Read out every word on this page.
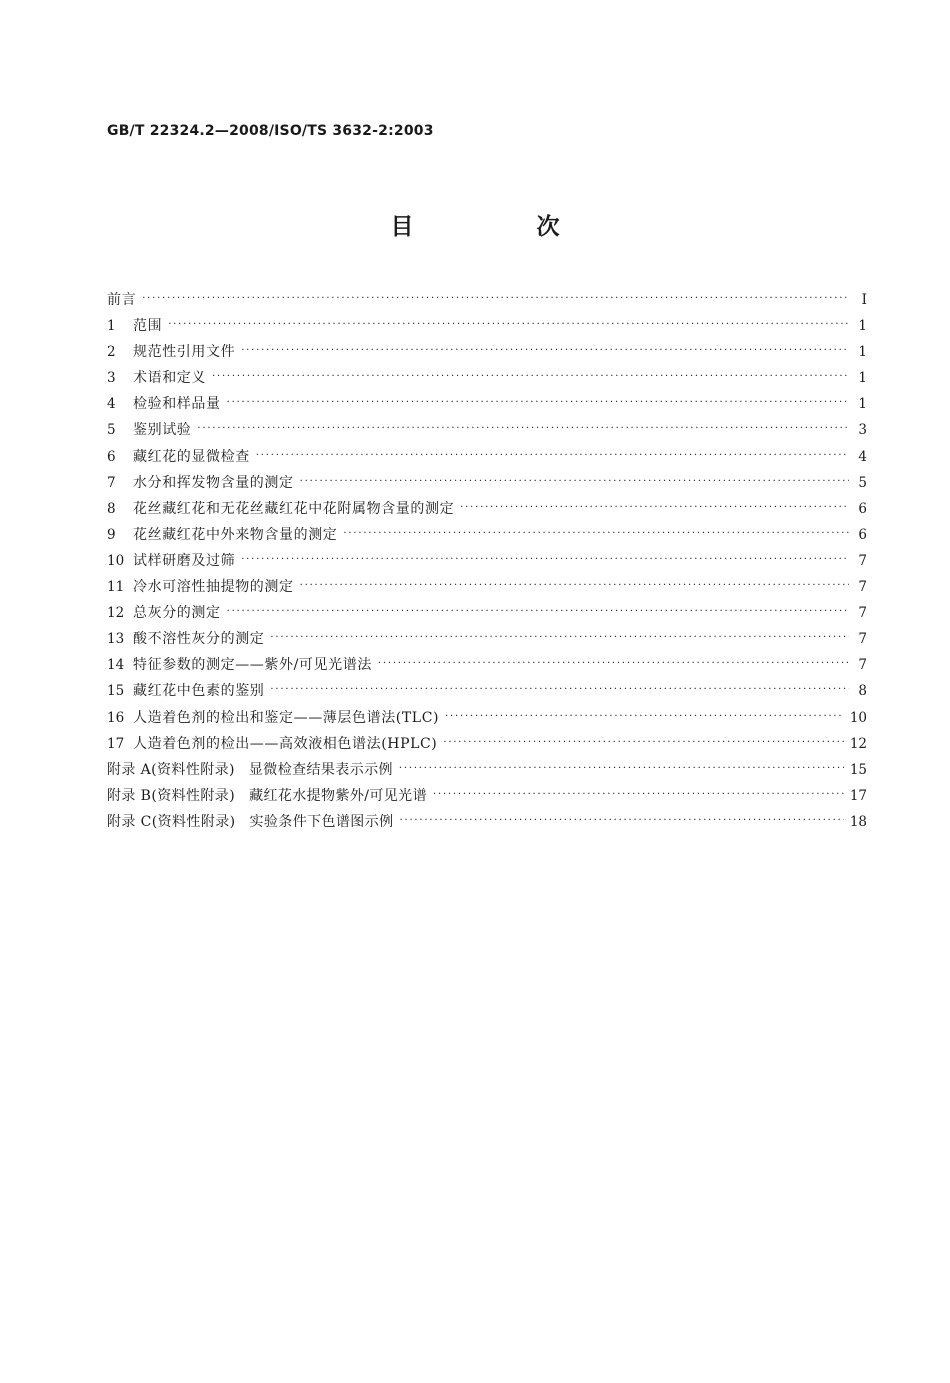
GB/T 22324.2—2008/ISO/TS 3632-2:2003
目　次
前言 ·····	Ⅰ
1	范围 ·····	1
2	规范性引用文件 ·····	1
3	术语和定义 ·····	1
4	检验和样品量 ·····	1
5	鉴别试验 ·····	3
6	藏红花的显微检查 ·····	4
7	水分和挥发物含量的测定 ·····	5
8	花丝藏红花和无花丝藏红花中花附属物含量的测定 ·····	6
9	花丝藏红花中外来物含量的测定 ·····	6
10 试样研磨及过筛 ·····	7
11 冷水可溶性抽提物的测定 ·····	7
12 总灰分的测定 ·····	7
13 酸不溶性灰分的测定 ·····	7
14 特征参数的测定——紫外/可见光谱法 ·····	7
15 藏红花中色素的鉴别 ·····	8
16 人造着色剂的检出和鉴定——薄层色谱法(TLC) ·····	10
17 人造着色剂的检出——高效液相色谱法(HPLC) ·····	12
附录 A(资料性附录) 显微检查结果表示示例 ·····	15
附录 B(资料性附录) 藏红花水提物紫外/可见光谱 ·····	17
附录 C(资料性附录) 实验条件下色谱图示例 ·····	18
